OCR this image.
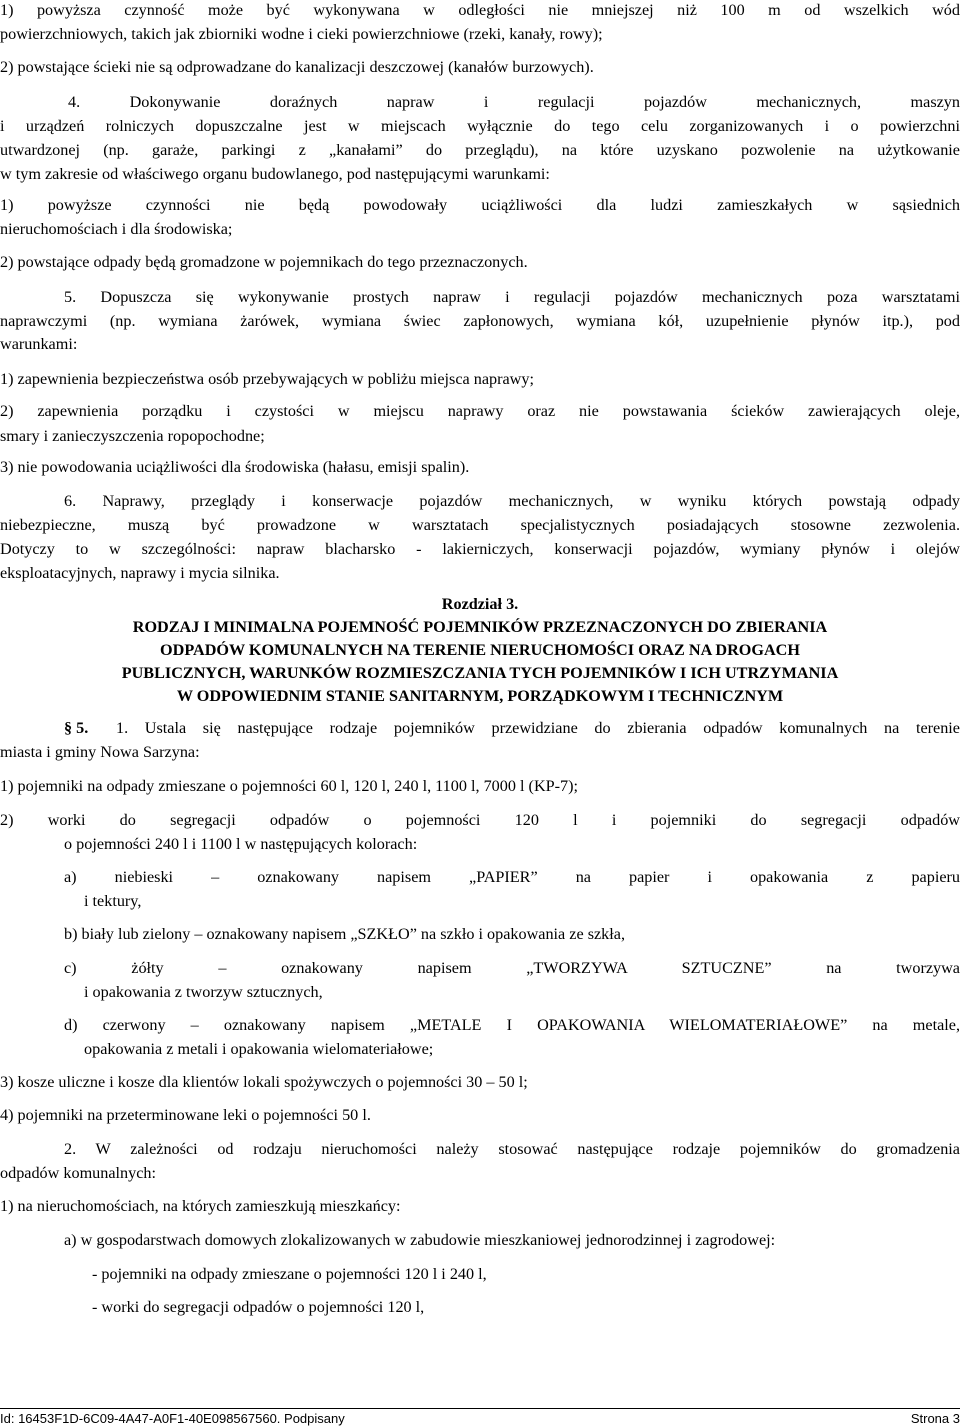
1) powyższa czynność może być wykonywana w odległości nie mniejszej niż 100 m od wszelkich wód
powierzchniowych, takich jak zbiorniki wodne i cieki powierzchniowe (rzeki, kanały, rowy);
2) powstające ścieki nie są odprowadzane do kanalizacji deszczowej (kanałów burzowych).
4. Dokonywanie doraźnych napraw i regulacji pojazdów mechanicznych, maszyn
i urządzeń rolniczych dopuszczalne jest w miejscach wyłącznie do tego celu zorganizowanych i o powierzchni
utwardzonej (np. garaże, parkingi z „kanałami” do przeglądu), na które uzyskano pozwolenie na użytkowanie
w tym zakresie od właściwego organu budowlanego, pod następującymi warunkami:
1) powyższe czynności nie będą powodowały uciążliwości dla ludzi zamieszkałych w sąsiednich
nieruchomościach i dla środowiska;
2) powstające odpady będą gromadzone w pojemnikach do tego przeznaczonych.
5. Dopuszcza się wykonywanie prostych napraw i regulacji pojazdów mechanicznych poza warsztatami
naprawczymi (np. wymiana żarówek, wymiana świec zapłonowych, wymiana kół, uzupełnienie płynów itp.), pod
warunkami:
1) zapewnienia bezpieczeństwa osób przebywających w pobliżu miejsca naprawy;
2) zapewnienia porządku i czystości w miejscu naprawy oraz nie powstawania ścieków zawierających oleje,
smary i zanieczyszczenia ropopochodne;
3) nie powodowania uciążliwości dla środowiska (hałasu, emisji spalin).
6. Naprawy, przeglądy i konserwacje pojazdów mechanicznych, w wyniku których powstają odpady
niebezpieczne, muszą być prowadzone w warsztatach specjalistycznych posiadających stosowne zezwolenia.
Dotyczy to w szczególności: napraw blacharsko - lakierniczych, konserwacji pojazdów, wymiany płynów i olejów
eksploatacyjnych, naprawy i mycia silnika.
Rozdział 3.
RODZAJ I MINIMALNA POJEMNOŚĆ POJEMNIKÓW PRZEZNACZONYCH DO ZBIERANIA
ODPADÓW KOMUNALNYCH NA TERENIE NIERUCHOMOŚCI ORAZ NA DROGACH
PUBLICZNYCH, WARUNKÓW ROZMIESZCZANIA TYCH POJEMNIKÓW I ICH UTRZYMANIA
W ODPOWIEDNIM STANIE SANITARNYM, PORZĄDKOWYM I TECHNICZNYM
§ 5. 1. Ustala się następujące rodzaje pojemników przewidziane do zbierania odpadów komunalnych na terenie
miasta i gminy Nowa Sarzyna:
1) pojemniki na odpady zmieszane o pojemności 60 l, 120 l, 240 l, 1100 l, 7000 l (KP-7);
2) worki do segregacji odpadów o pojemności 120 l i pojemniki do segregacji odpadów
o pojemności 240 l i 1100 l w następujących kolorach:
a) niebieski – oznakowany napisem „PAPIER” na papier i opakowania z papieru
i tektury,
b) biały lub zielony – oznakowany napisem „SZKŁO” na szkło i opakowania ze szkła,
c) żółty – oznakowany napisem „TWORZYWA SZTUCZNE” na tworzywa
i opakowania z tworzyw sztucznych,
d) czerwony – oznakowany napisem „METALE I OPAKOWANIA WIELOMATERIAŁOWE” na metale,
opakowania z metali i opakowania wielomateriałowe;
3) kosze uliczne i kosze dla klientów lokali spożywczych o pojemności 30 – 50 l;
4) pojemniki na przeterminowane leki o pojemności 50 l.
2. W zależności od rodzaju nieruchomości należy stosować następujące rodzaje pojemników do gromadzenia
odpadów komunalnych:
1) na nieruchomościach, na których zamieszkują mieszkańcy:
a) w gospodarstwach domowych zlokalizowanych w zabudowie mieszkaniowej jednorodzinnej i zagrodowej:
- pojemniki na odpady zmieszane o pojemności 120 l i 240 l,
- worki do segregacji odpadów o pojemności 120 l,
Id: 16453F1D-6C09-4A47-A0F1-40E098567560. Podpisany	Strona 3
